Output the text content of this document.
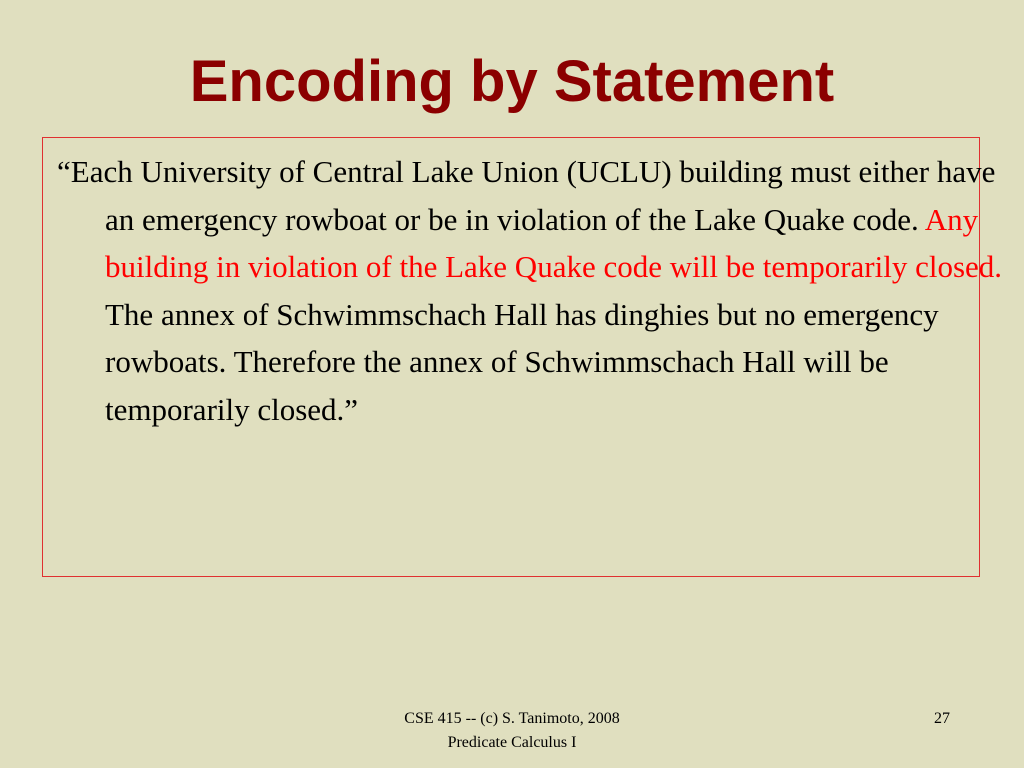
Encoding by Statement

“Each University of Central Lake Union (UCLU) building must either have an emergency rowboat or be in violation of the Lake Quake code. Any building in violation of the Lake Quake code will be temporarily closed. The annex of Schwimmschach Hall has dinghies but no emergency rowboats. Therefore the annex of Schwimmschach Hall will be temporarily closed.”

CSE 415 -- (c) S. Tanimoto, 2008
Predicate Calculus I
27
